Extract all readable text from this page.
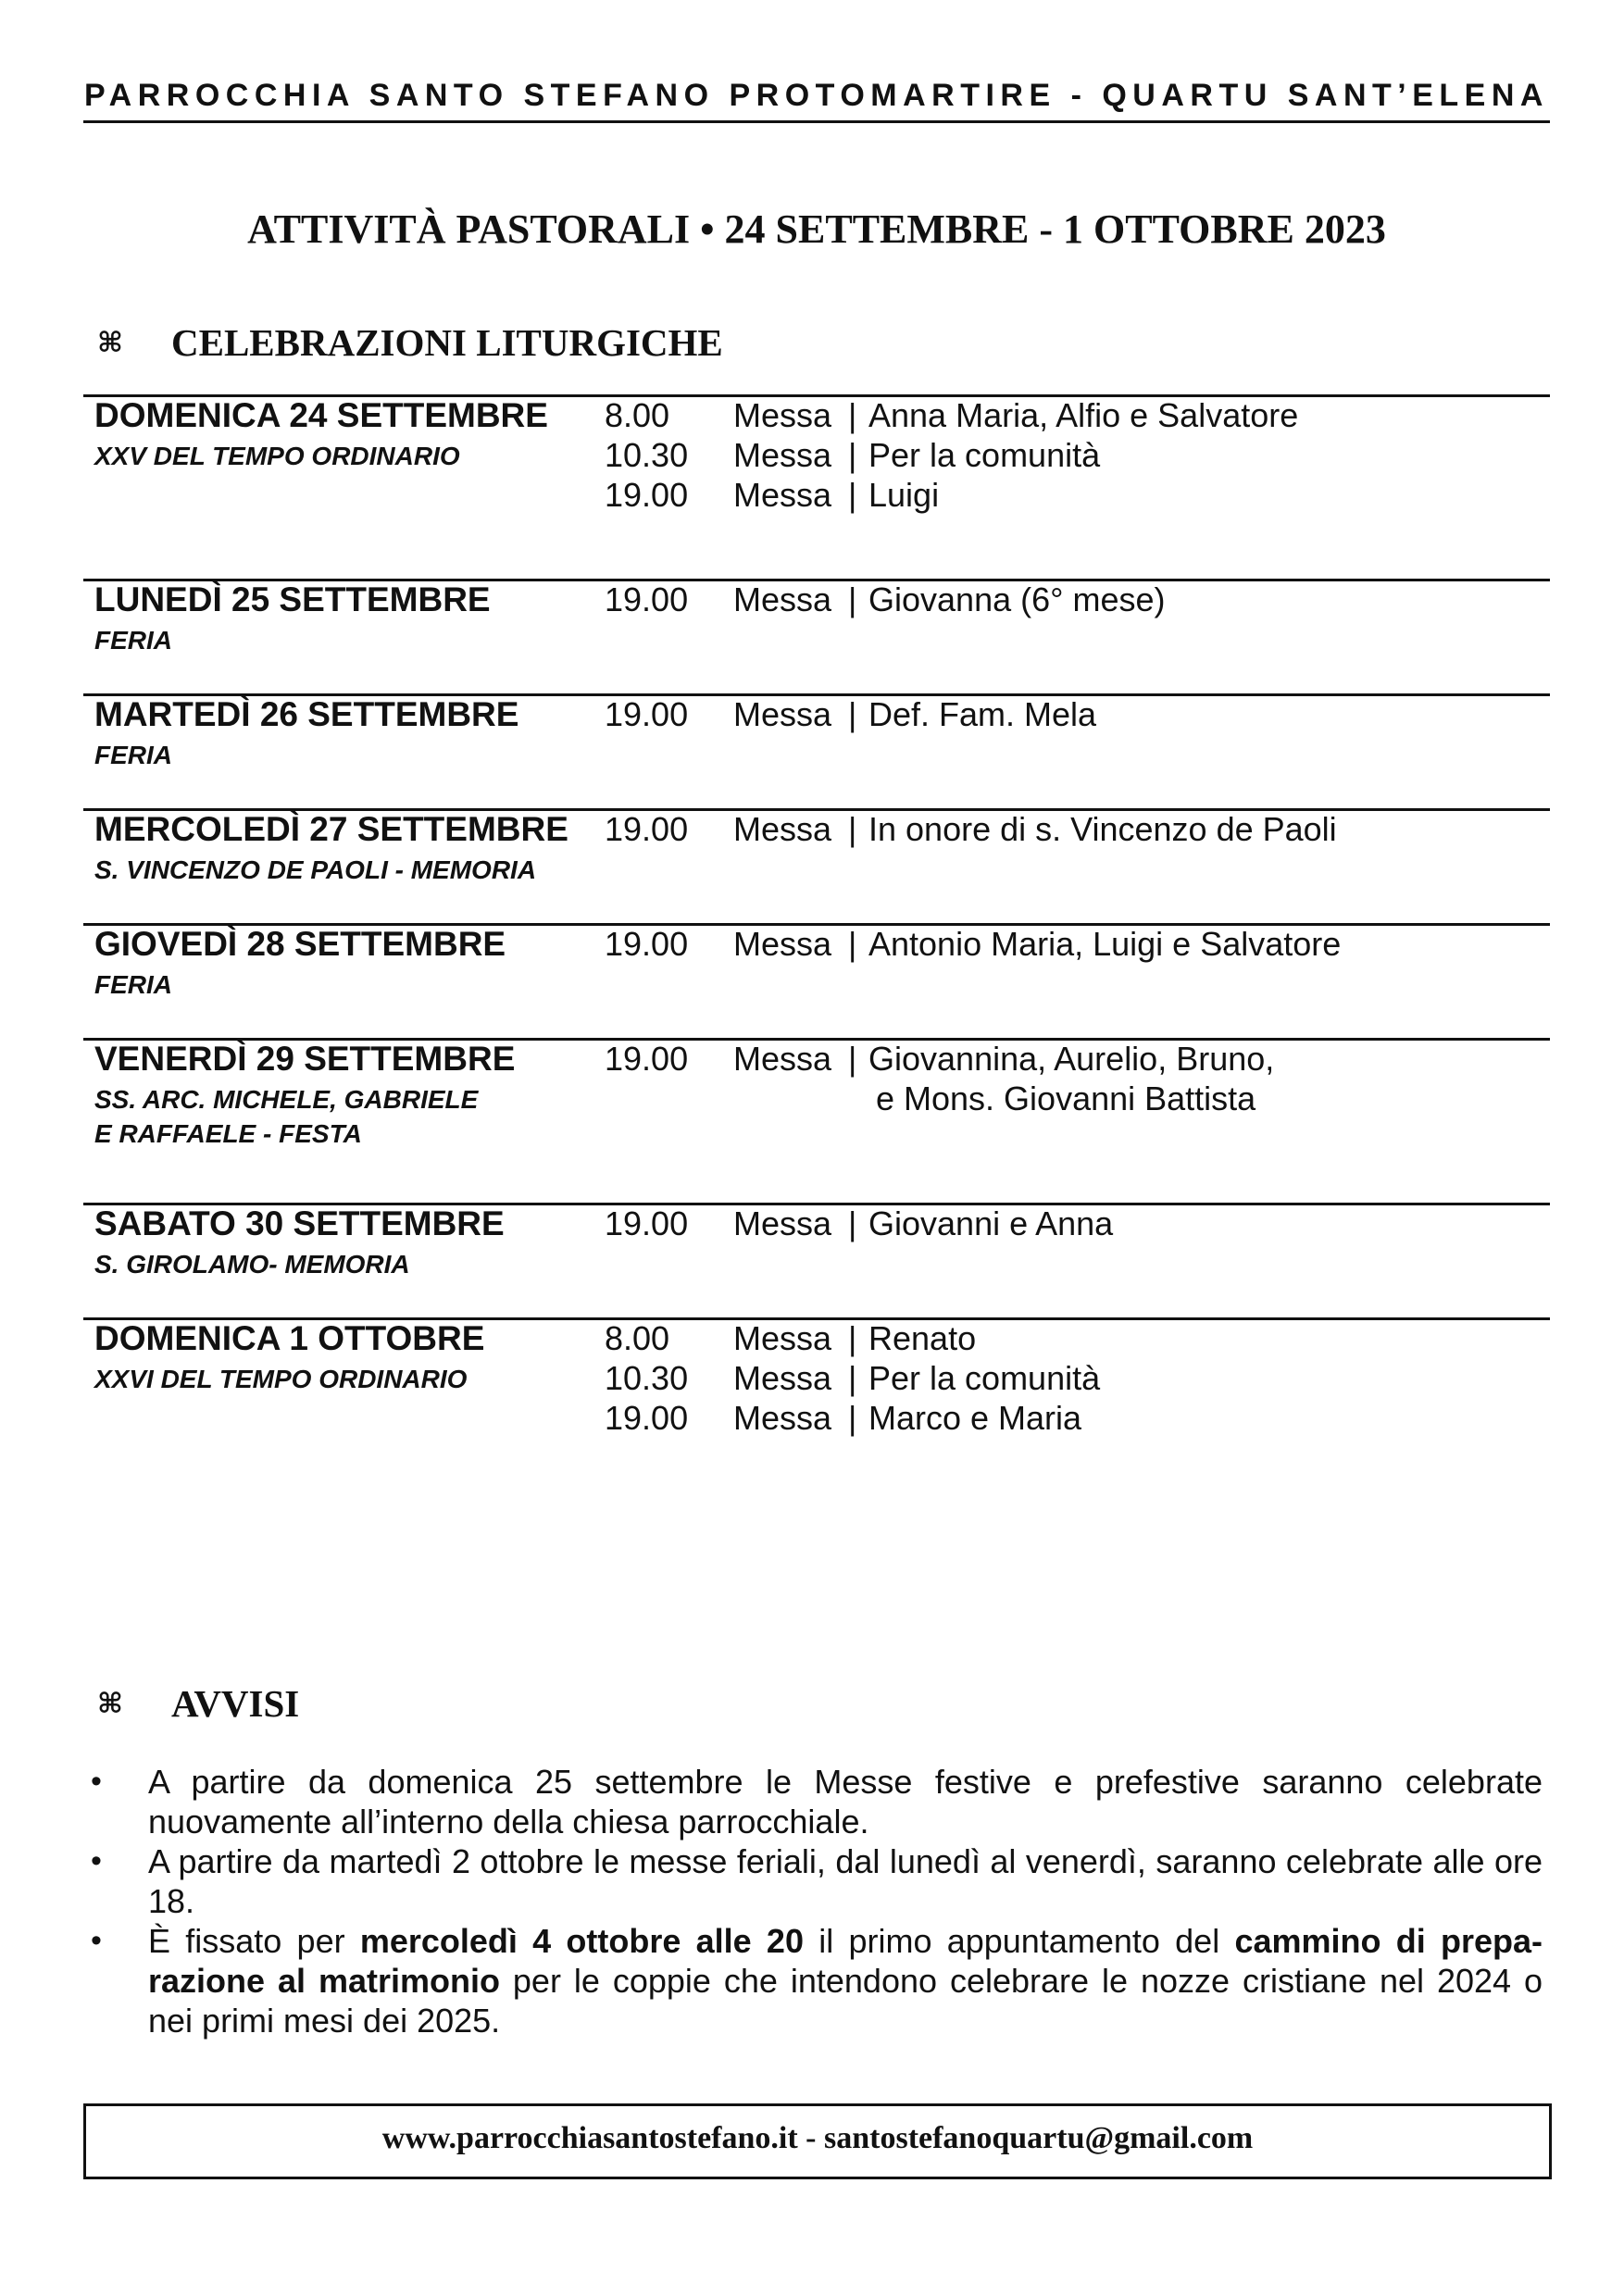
PARROCCHIA SANTO STEFANO PROTOMARTIRE - QUARTU SANT’ELENA
ATTIVITÀ PASTORALI • 24 SETTEMBRE - 1 OTTOBRE 2023
⌘ CELEBRAZIONI LITURGICHE
DOMENICA 24 SETTEMBRE
XXV DEL TEMPO ORDINARIO
8.00 Messa | Anna Maria, Alfio e Salvatore
10.30 Messa | Per la comunità
19.00 Messa | Luigi
LUNEDÌ 25 SETTEMBRE
FERIA
19.00 Messa | Giovanna (6° mese)
MARTEDÌ 26 SETTEMBRE
FERIA
19.00 Messa | Def. Fam. Mela
MERCOLEDÌ 27 SETTEMBRE
S. VINCENZO DE PAOLI - MEMORIA
19.00 Messa | In onore di s. Vincenzo de Paoli
GIOVEDÌ 28 SETTEMBRE
FERIA
19.00 Messa | Antonio Maria, Luigi e Salvatore
VENERDÌ 29 SETTEMBRE
SS. ARC. MICHELE, GABRIELE
E RAFFAELE - FESTA
19.00 Messa | Giovannina, Aurelio, Bruno,
e Mons. Giovanni Battista
SABATO 30 SETTEMBRE
S. GIROLAMO- MEMORIA
19.00 Messa | Giovanni e Anna
DOMENICA 1 OTTOBRE
XXVI DEL TEMPO ORDINARIO
8.00 Messa | Renato
10.30 Messa | Per la comunità
19.00 Messa | Marco e Maria
⌘ AVVISI
• A partire da domenica 25 settembre le Messe festive e prefestive saranno celebrate nuovamente all’interno della chiesa parrocchiale.
• A partire da martedì 2 ottobre le messe feriali, dal lunedì al venerdì, saranno celebrate alle ore 18.
• È fissato per mercoledì 4 ottobre alle 20 il primo appuntamento del cammino di preparazione al matrimonio per le coppie che intendono celebrare le nozze cristiane nel 2024 o nei primi mesi dei 2025.
www.parrocchiasantostefano.it - santostefanoquartu@gmail.com
